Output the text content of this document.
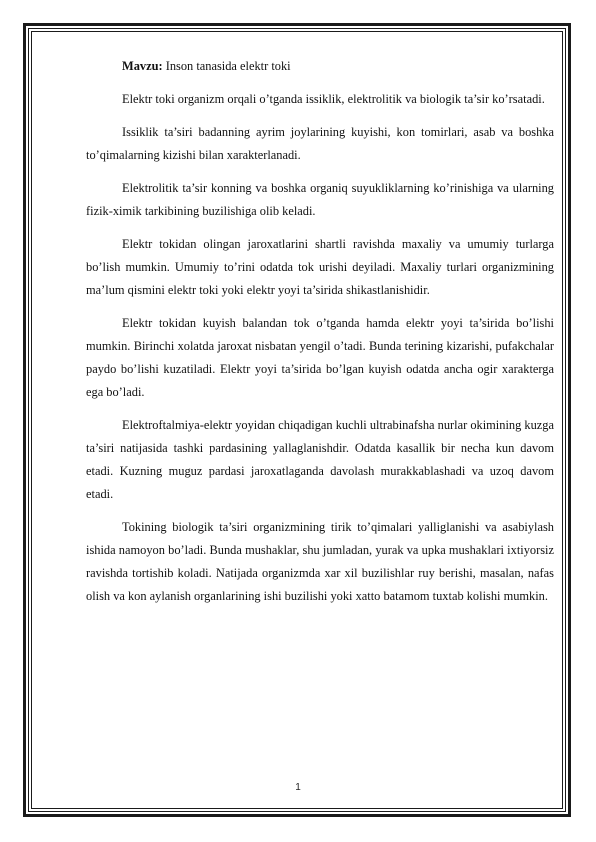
Mavzu: Inson tanasida elektr toki

Elektr toki organizm orqali o’tganda issiklik, elektrolitik va biologik ta’sir ko’rsatadi.

Issiklik ta’siri badanning ayrim joylarining kuyishi, kon tomirlari, asab va boshka to’qimalarning kizishi bilan xarakterlanadi.

Elektrolitik ta’sir konning va boshka organiq suyukliklarning ko’rinishiga va ularning fizik-ximik tarkibining buzilishiga olib keladi.

Elektr tokidan olingan jaroxatlarini shartli ravishda maxaliy va umumiy turlarga bo’lish mumkin. Umumiy to’rini odatda tok urishi deyiladi. Maxaliy turlari organizmining ma’lum qismini elektr toki yoki elektr yoyi ta’sirida shikastlanishidir.

Elektr tokidan kuyish balandan tok o’tganda hamda elektr yoyi ta’sirida bo’lishi mumkin. Birinchi xolatda jaroxat nisbatan yengil o’tadi. Bunda terining kizarishi, pufakchalar paydo bo’lishi kuzatiladi. Elektr yoyi ta’sirida bo’lgan kuyish odatda ancha ogir xarakterga ega bo’ladi.

Elektroftalmiya-elektr yoyidan chiqadigan kuchli ultrabinafsha nurlar okimining kuzga ta’siri natijasida tashki pardasining yallaglanishdir. Odatda kasallik bir necha kun davom etadi. Kuzning muguz pardasi jaroxatlaganda davolash murakkablashadi va uzoq davom etadi.

Tokining biologik ta’siri organizmining tirik to’qimalari yalliglanishi va asabiylash ishida namoyon bo’ladi. Bunda mushaklar, shu jumladan, yurak va upka mushaklari ixtiyorsiz ravishda tortishib koladi. Natijada organizmda xar xil buzilishlar ruy berishi, masalan, nafas olish va kon aylanish organlarining ishi buzilishi yoki xatto batamom tuxtab kolishi mumkin.

1
